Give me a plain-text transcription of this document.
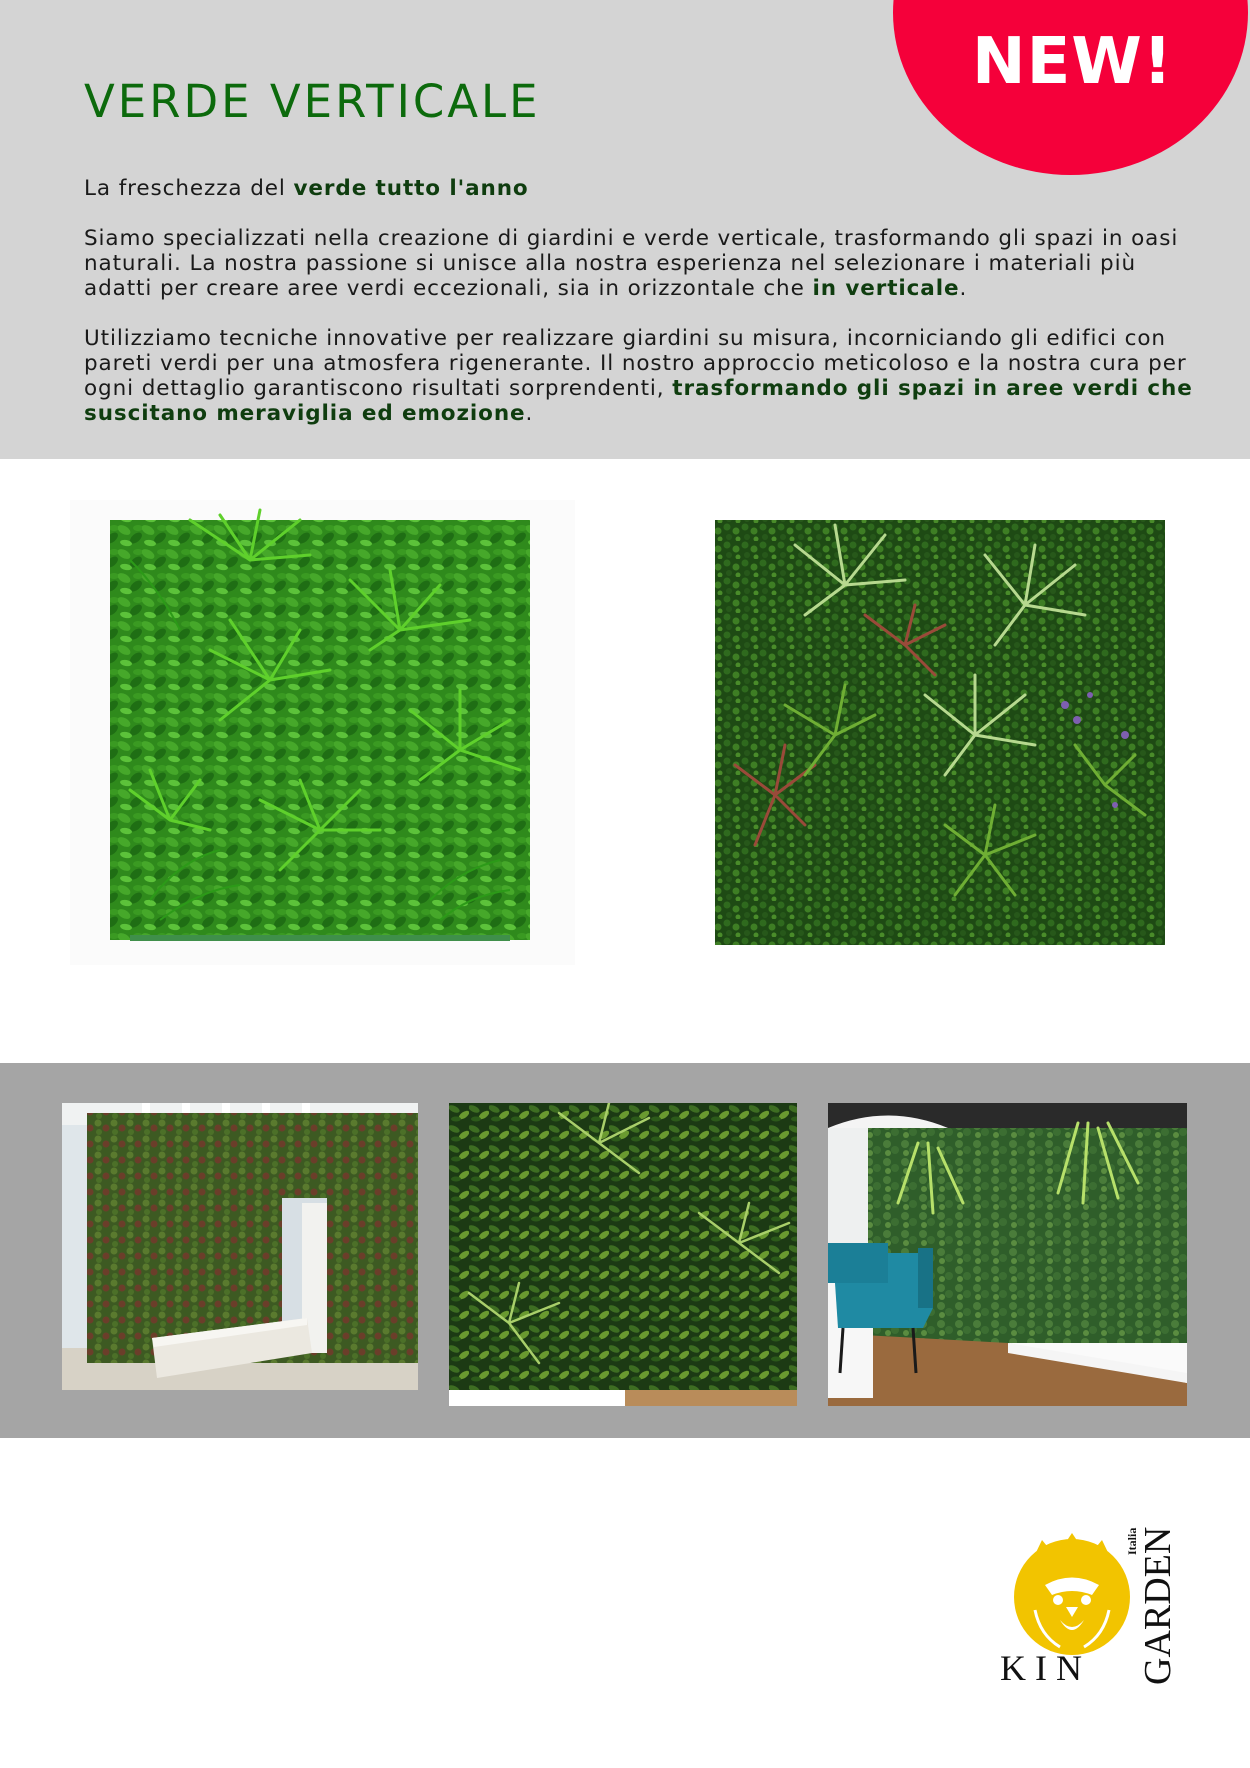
NEW!
VERDE VERTICALE
La freschezza del verde tutto l'anno
Siamo specializzati nella creazione di giardini e verde verticale, trasformando gli spazi in oasi naturali. La nostra passione si unisce alla nostra esperienza nel selezionare i materiali più adatti per creare aree verdi eccezionali, sia in orizzontale che in verticale.
Utilizziamo tecniche innovative per realizzare giardini su misura, incorniciando gli edifici con pareti verdi per una atmosfera rigenerante. Il nostro approccio meticoloso e la nostra cura per ogni dettaglio garantiscono risultati sorprendenti, trasformando gli spazi in aree verdi che suscitano meraviglia ed emozione.
K I N GARDEN
Italia
